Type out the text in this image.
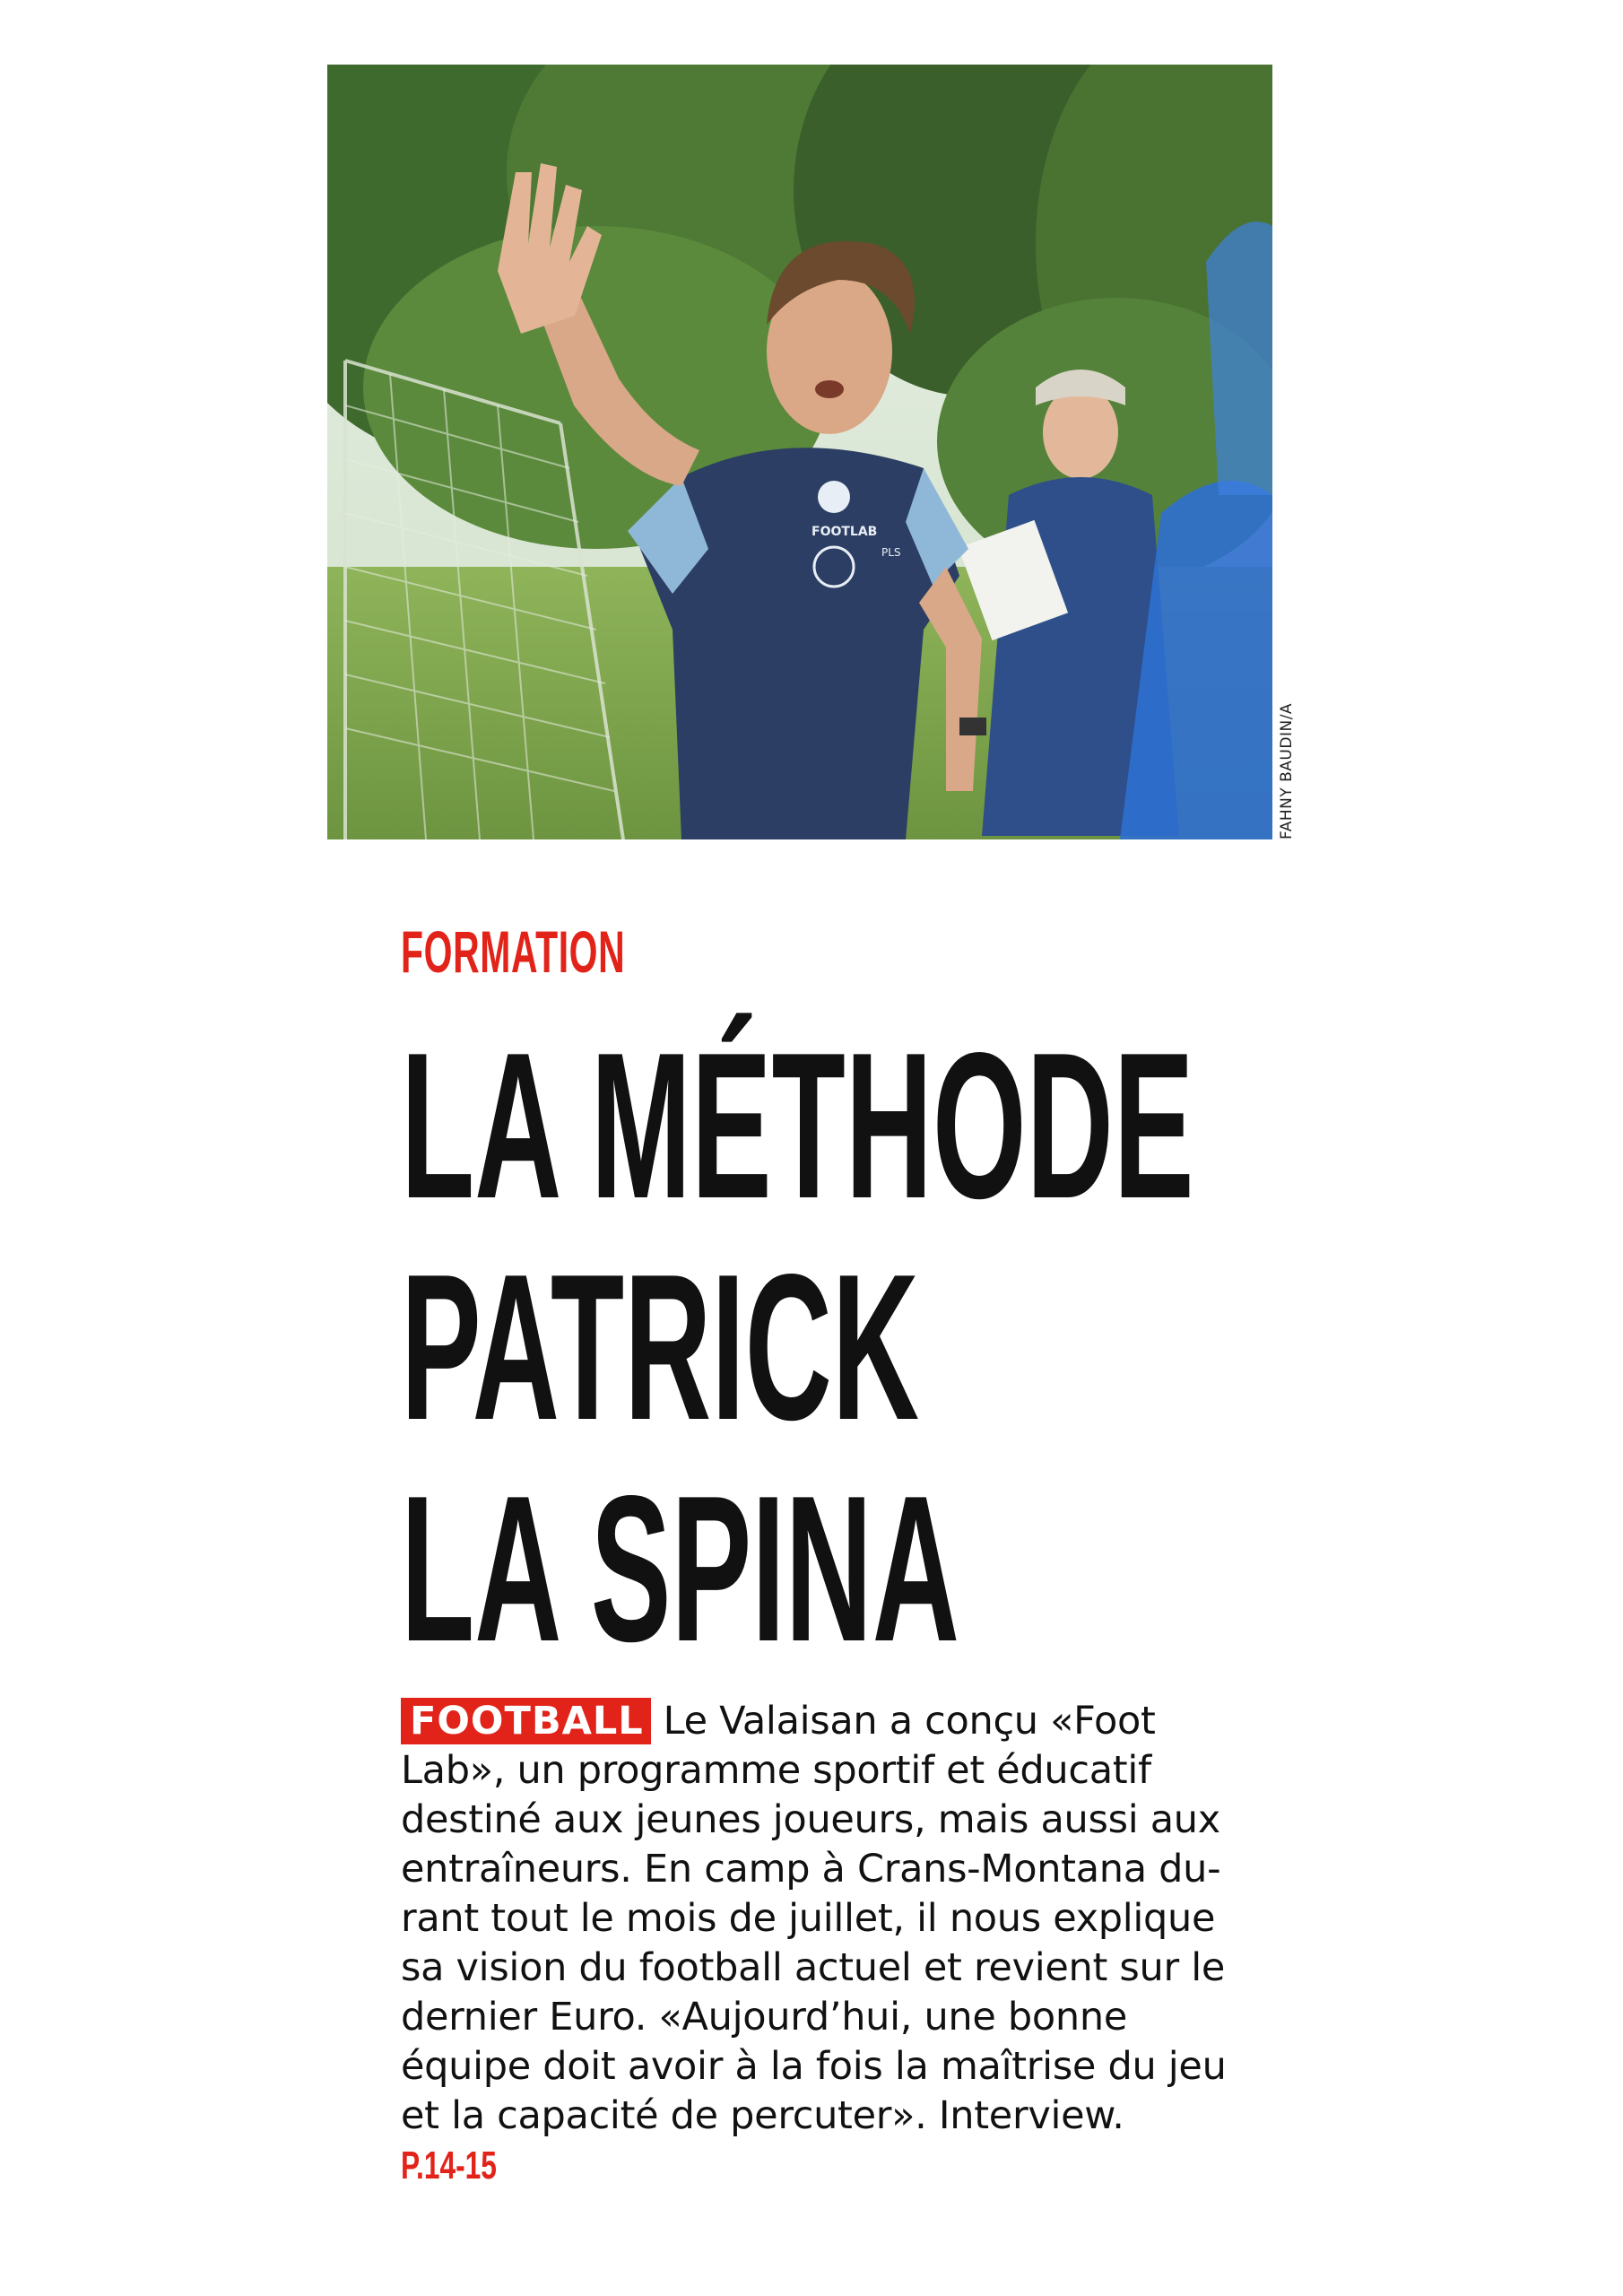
FOOTLAB
PLS
FAHNY BAUDIN/A
FORMATION
LA MÉTHODE
PATRICK
LA SPINA
FOOTBALL Le Valaisan a conçu «Foot
Lab», un programme sportif et éducatif
destiné aux jeunes joueurs, mais aussi aux
entraîneurs. En camp à Crans-Montana du-
rant tout le mois de juillet, il nous explique
sa vision du football actuel et revient sur le
dernier Euro. «Aujourd’hui, une bonne
équipe doit avoir à la fois la maîtrise du jeu
et la capacité de percuter». Interview.
P.14-15
